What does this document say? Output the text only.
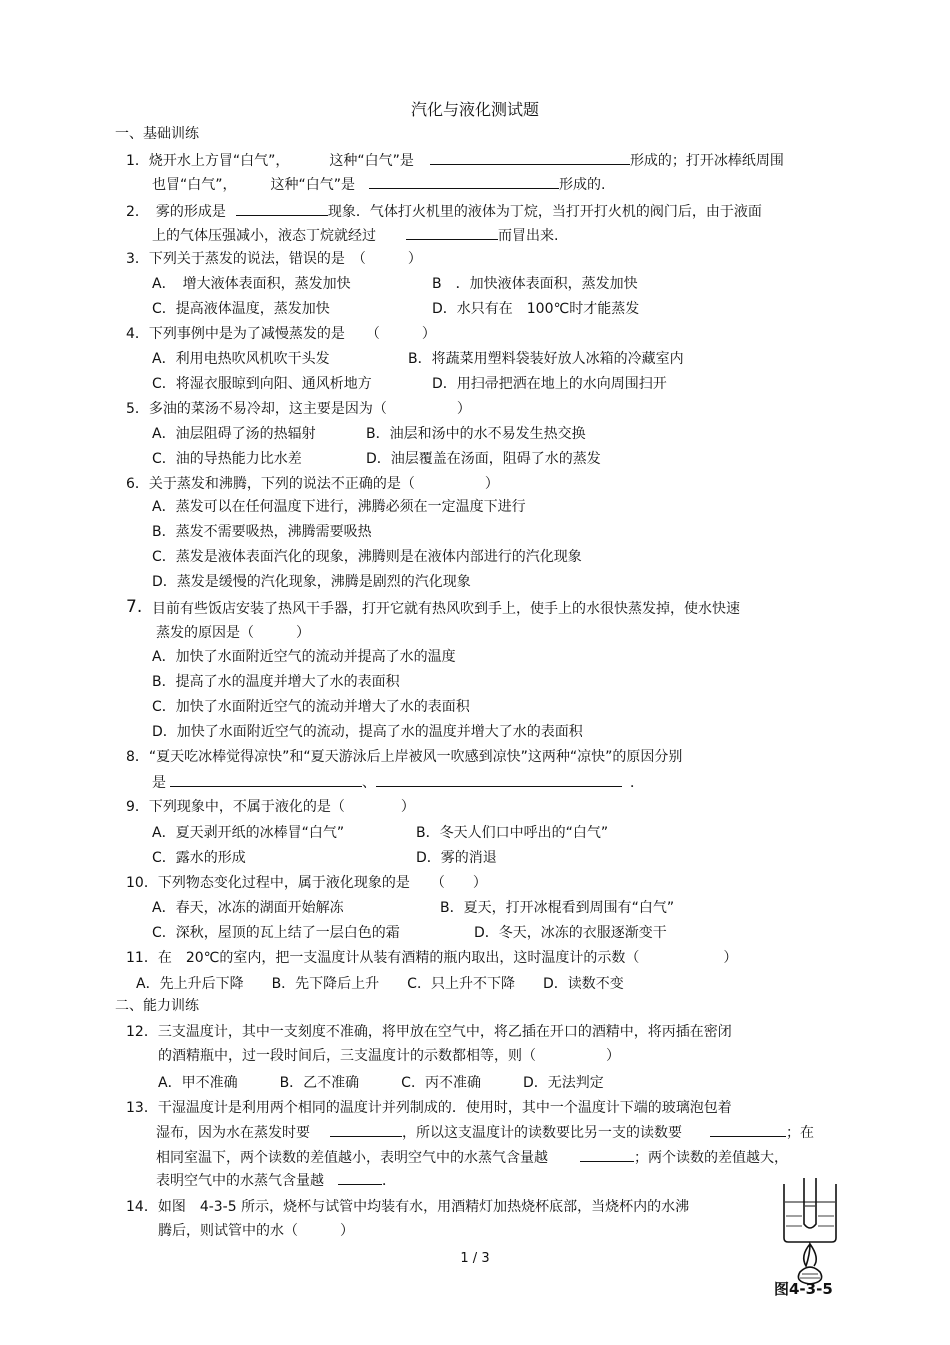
汽化与液化测试题
一、基础训练
1．烧开水上方冒“白气”，	这种“白气”是	形成的；打开冰棒纸周围
也冒“白气”， 这种“白气”是	形成的.
2．　雾的形成是	现象．气体打火机里的液体为丁烷，当打开打火机的阀门后，由于液面
上的气体压强减小，液态丁烷就经过	而冒出来.
3．下列关于蒸发的说法，错误的是　（　　　）
A．　增大液体表面积，蒸发加快	B　．加快液体表面积，蒸发加快
C．提高液体温度，蒸发加快	D．水只有在　100℃时才能蒸发
4．下列事例中是为了减慢蒸发的是　　（　　　）
A．利用电热吹风机吹干头发	B．将蔬菜用塑料袋装好放人冰箱的冷藏室内
C．将湿衣服晾到向阳、通风析地方	D．用扫帚把洒在地上的水向周围扫开
5．多油的菜汤不易冷却，这主要是因为（　　　　　）
A．油层阻碍了汤的热辐射	B．油层和汤中的水不易发生热交换
C．油的导热能力比水差	D．油层覆盖在汤面，阻碍了水的蒸发
6．关于蒸发和沸腾，下列的说法不正确的是（　　　　　）
A．蒸发可以在任何温度下进行，沸腾必须在一定温度下进行
B．蒸发不需要吸热，沸腾需要吸热
C．蒸发是液体表面汽化的现象，沸腾则是在液体内部进行的汽化现象
D．蒸发是缓慢的汽化现象，沸腾是剧烈的汽化现象
7. 目前有些饭店安装了热风干手器，打开它就有热风吹到手上，使手上的水很快蒸发掉，使水快速
蒸发的原因是（　　　）
A．加快了水面附近空气的流动并提高了水的温度
B．提高了水的温度并增大了水的表面积
C．加快了水面附近空气的流动并增大了水的表面积
D．加快了水面附近空气的流动，提高了水的温度并增大了水的表面积
8．“夏天吃冰棒觉得凉快”和“夏天游泳后上岸被风一吹感到凉快”这两种“凉快”的原因分别
是	、	．
9．下列现象中，不属于液化的是（　　　　）
A．夏天剥开纸的冰棒冒“白气”	B．冬天人们口中呼出的“白气”
C．露水的形成	D．雾的消退
10．下列物态变化过程中，属于液化现象的是　　（　　）
A．春天，冰冻的湖面开始解冻	B．夏天，打开冰棍看到周围有“白气”
C．深秋，屋顶的瓦上结了一层白色的霜	D．冬天，冰冻的衣服逐渐变干
11．在　20℃的室内，把一支温度计从装有酒精的瓶内取出，这时温度计的示数（　　　　　　）
A．先上升后下降　　B．先下降后上升　　C．只上升不下降　　D．读数不变
二、能力训练
12．三支温度计，其中一支刻度不准确，将甲放在空气中，将乙插在开口的酒精中，将丙插在密闭
的酒精瓶中，过一段时间后，三支温度计的示数都相等，则（　　　　　）
A．甲不准确　　　B．乙不准确　　　C．丙不准确　　　D．无法判定
13．干湿温度计是利用两个相同的温度计并列制成的．使用时，其中一个温度计下端的玻璃泡包着
湿布，因为水在蒸发时要	，所以这支温度计的读数要比另一支的读数要	；在
相同室温下，两个读数的差值越小，表明空气中的水蒸气含量越	；两个读数的差值越大，
表明空气中的水蒸气含量越	．
14．如图　4-3-5 所示，烧杯与试管中均装有水，用酒精灯加热烧杯底部，当烧杯内的水沸
腾后，则试管中的水（　　　）
图4-3-5
1 / 3
